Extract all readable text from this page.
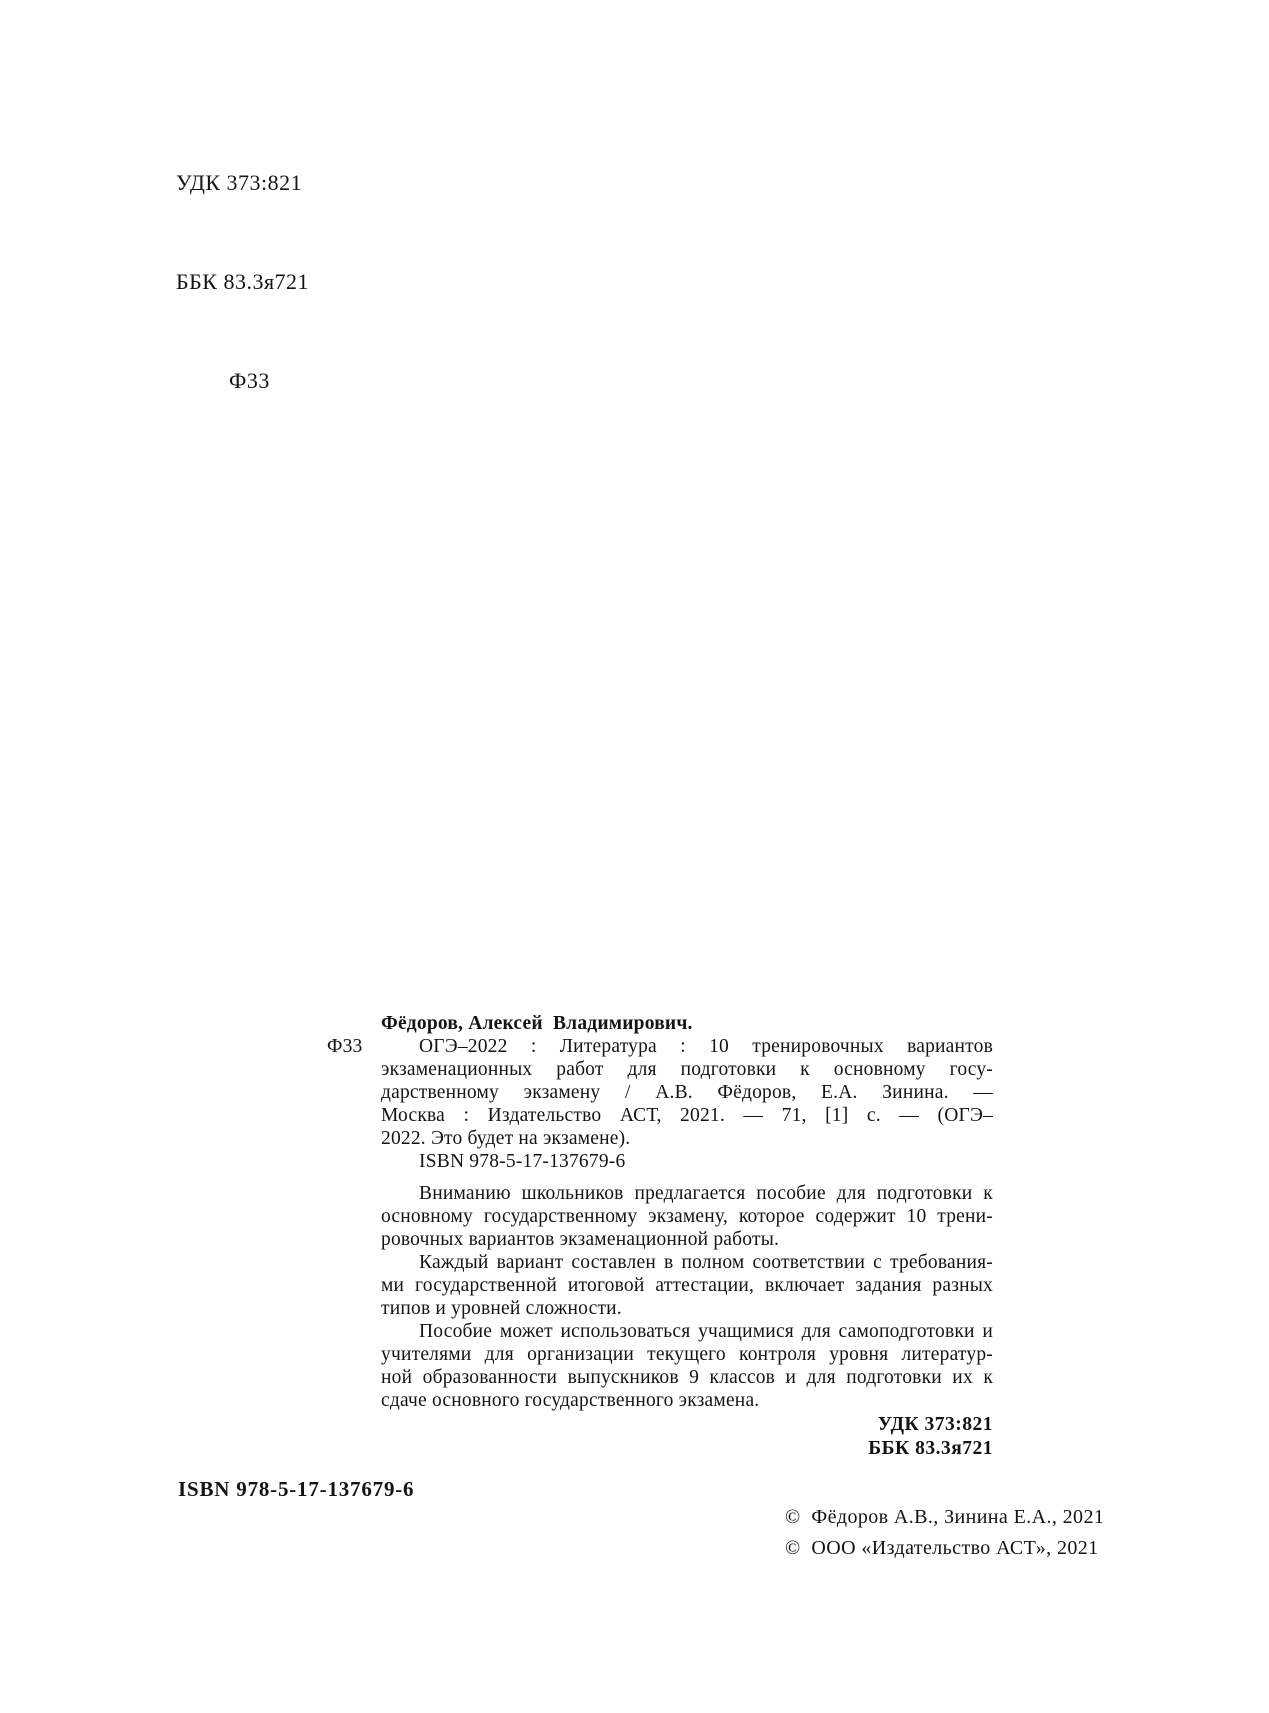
УДК 373:821

ББК 83.3я721

Ф33

Фёдоров, Алексей  Владимирович.
Ф33	ОГЭ–2022 : Литература : 10 тренировочных вариантов
экзаменационных работ для подготовки к основному госу-
дарственному экзамену / А.В. Фёдоров, Е.А. Зинина. —
Москва : Издательство АСТ, 2021. — 71, [1] с. — (ОГЭ–
2022. Это будет на экзамене).
ISBN 978-5-17-137679-6
Вниманию школьников предлагается пособие для подготовки к
основному государственному экзамену, которое содержит 10 трени-
ровочных вариантов экзаменационной работы.
Каждый вариант составлен в полном соответствии с требования-
ми государственной итоговой аттестации, включает задания разных
типов и уровней сложности.
Пособие может использоваться учащимися для самоподготовки и
учителями для организации текущего контроля уровня литератур-
ной образованности выпускников 9 классов и для подготовки их к
сдаче основного государственного экзамена.
УДК 373:821
ББК 83.3я721
ISBN 978-5-17-137679-6
©  Фёдоров А.В., Зинина Е.А., 2021
©  ООО «Издательство АСТ», 2021
